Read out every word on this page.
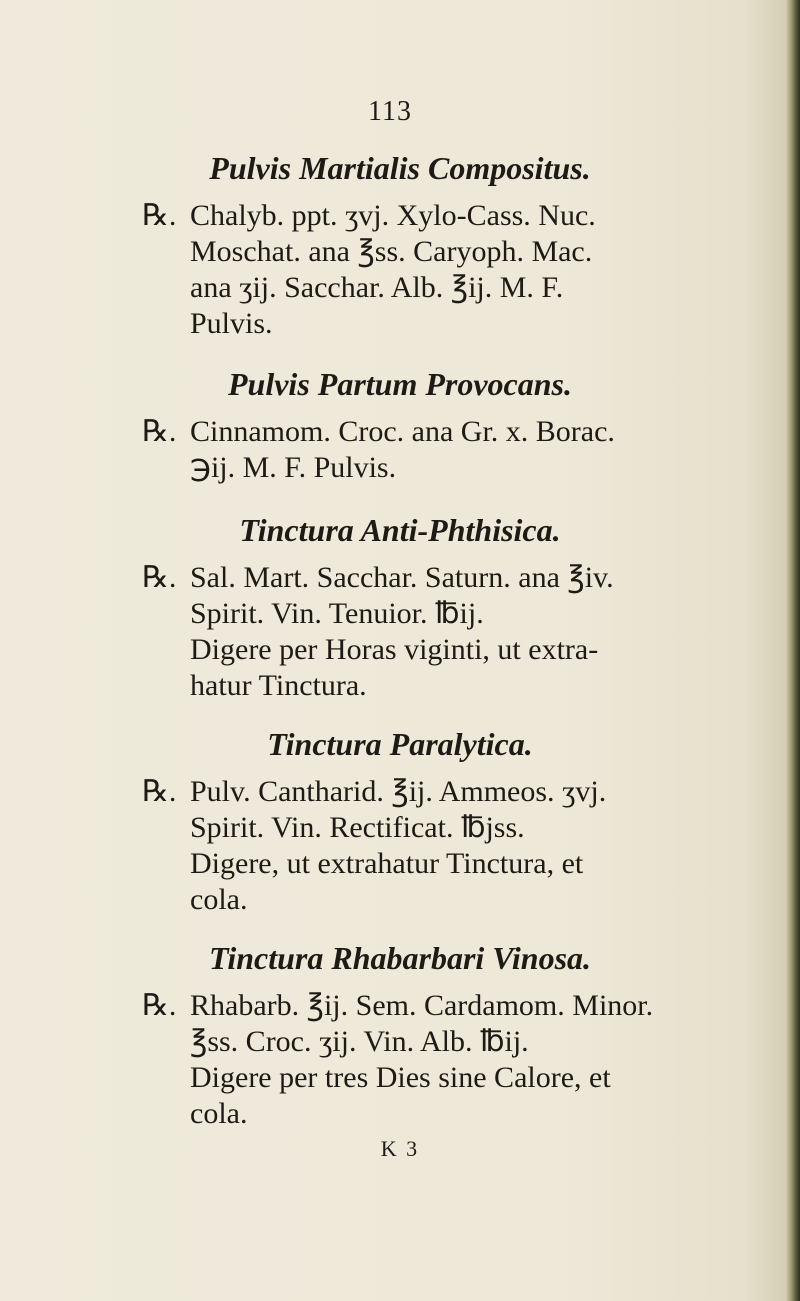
113
Pulvis Martialis Compositus.
℞. Chalyb. ppt. ʒvj. Xylo-Cass. Nuc.
Moschat. ana ℥ss. Caryoph. Mac.
ana ʒij. Sacchar. Alb. ℥ij. M. F.
Pulvis.
Pulvis Partum Provocans.
℞. Cinnamom. Croc. ana Gr. x. Borac.
℈ij. M. F. Pulvis.
Tinctura Anti-Phthisica.
℞. Sal. Mart. Sacchar. Saturn. ana ℥iv.
Spirit. Vin. Tenuior. ℔ij.
Digere per Horas viginti, ut extra-
hatur Tinctura.
Tinctura Paralytica.
℞. Pulv. Cantharid. ℥ij. Ammeos. ʒvj.
Spirit. Vin. Rectificat. ℔jss.
Digere, ut extrahatur Tinctura, et
cola.
Tinctura Rhabarbari Vinosa.
℞. Rhabarb. ℥ij. Sem. Cardamom. Minor.
℥ss. Croc. ʒij. Vin. Alb. ℔ij.
Digere per tres Dies sine Calore, et
cola.
K 3
